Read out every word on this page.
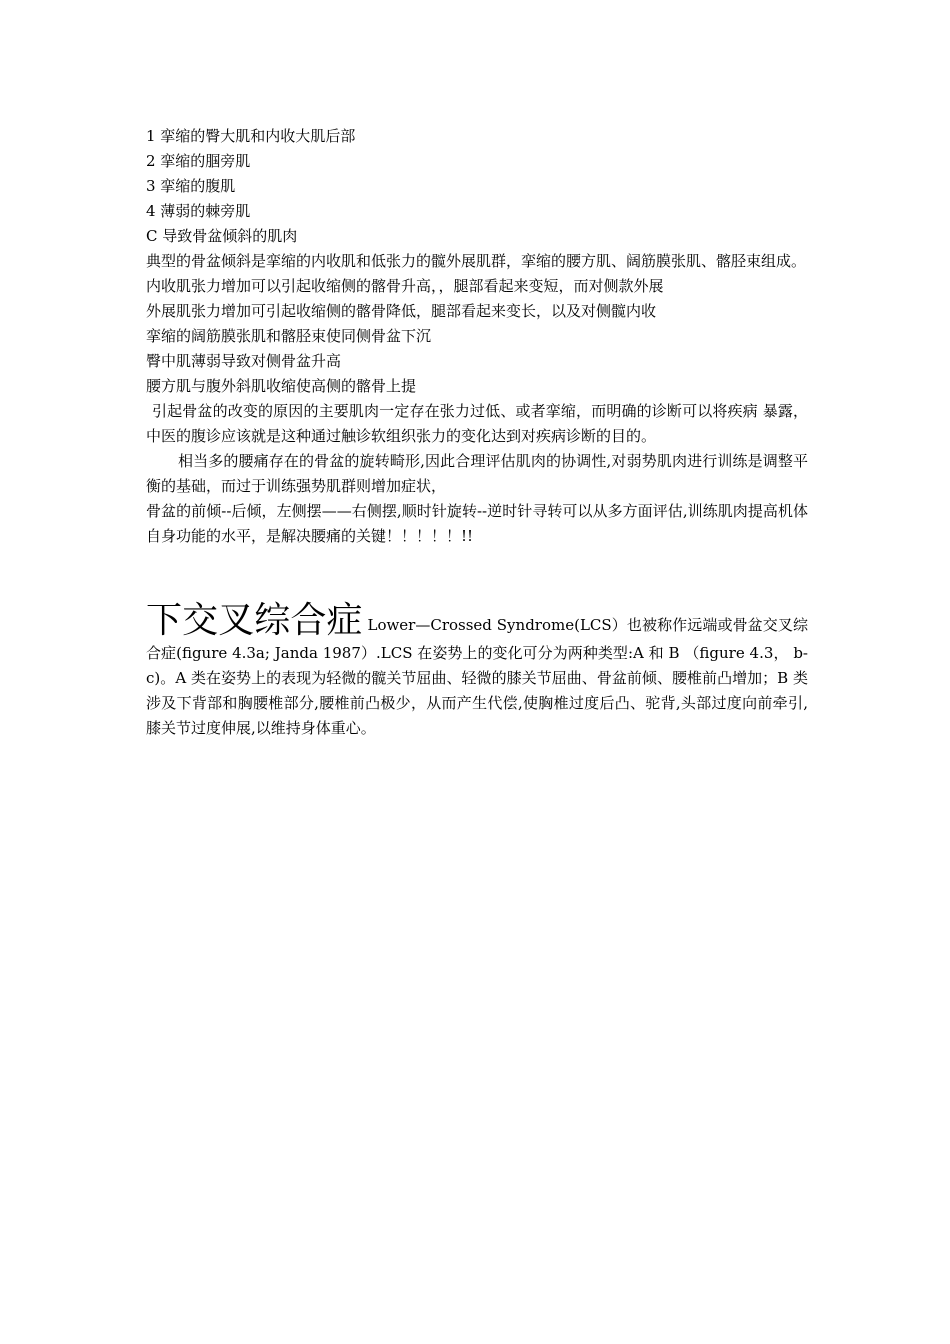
1 挛缩的臀大肌和内收大肌后部

2 挛缩的腘旁肌

3 挛缩的腹肌

4 薄弱的棘旁肌

C 导致骨盆倾斜的肌肉

典型的骨盆倾斜是挛缩的内收肌和低张力的髋外展肌群，挛缩的腰方肌、阔筋膜张肌、髂胫束组成。

内收肌张力增加可以引起收缩侧的髂骨升高，，腿部看起来变短，而对侧款外展

外展肌张力增加可引起收缩侧的髂骨降低，腿部看起来变长，以及对侧髋内收

挛缩的阔筋膜张肌和髂胫束使同侧骨盆下沉

臀中肌薄弱导致对侧骨盆升高

腰方肌与腹外斜肌收缩使高侧的髂骨上提

引起骨盆的改变的原因的主要肌肉一定存在张力过低、或者挛缩，而明确的诊断可以将疾病 暴露，中医的腹诊应该就是这种通过触诊软组织张力的变化达到对疾病诊断的目的。

相当多的腰痛存在的骨盆的旋转畸形,因此合理评估肌肉的协调性,对弱势肌肉进行训练是调整平衡的基础，而过于训练强势肌群则增加症状，

骨盆的前倾--后倾，左侧摆——右侧摆,顺时针旋转--逆时针寻转可以从多方面评估,训练肌肉提高机体自身功能的水平，是解决腰痛的关键！！！！！!!

下交叉综合症 Lower—Crossed Syndrome(LCS）也被称作远端或骨盆交叉综合症(figure 4.3a; Janda 1987）.LCS 在姿势上的变化可分为两种类型:A 和 B （figure 4.3， b-c)。A 类在姿势上的表现为轻微的髋关节屈曲、轻微的膝关节屈曲、骨盆前倾、腰椎前凸增加；B 类涉及下背部和胸腰椎部分,腰椎前凸极少，从而产生代偿,使胸椎过度后凸、驼背,头部过度向前牵引,膝关节过度伸展,以维持身体重心。
